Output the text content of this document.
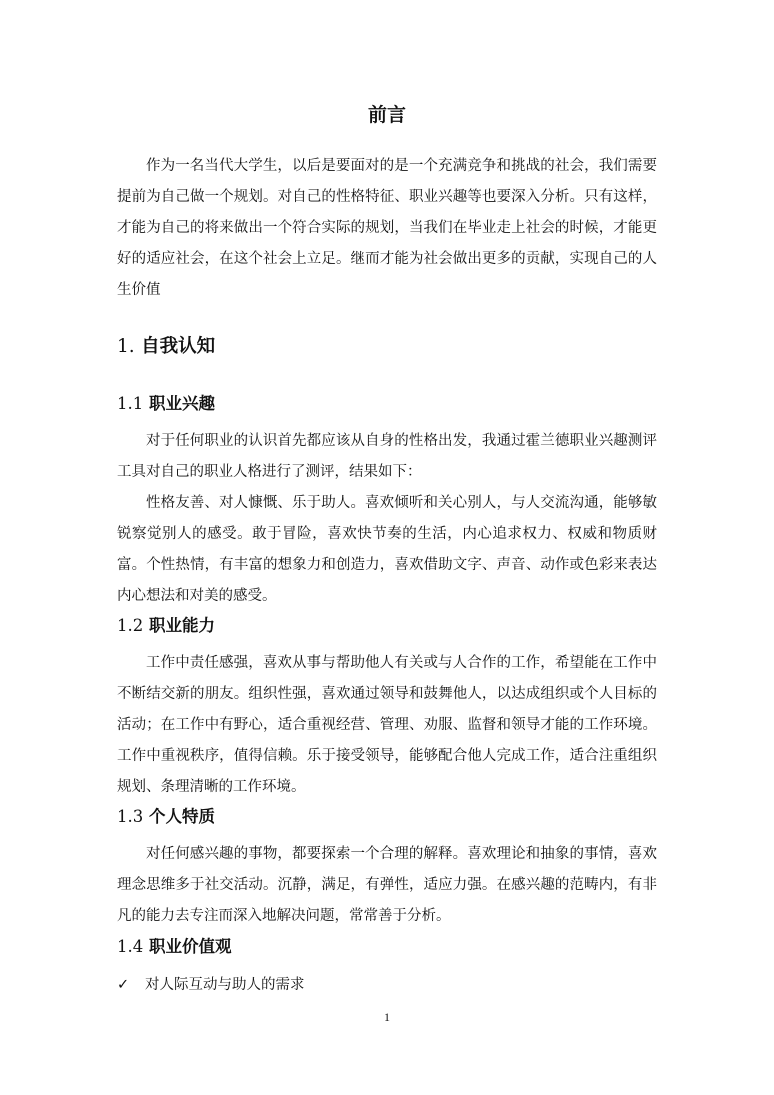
前言

作为一名当代大学生，以后是要面对的是一个充满竞争和挑战的社会，我们需要提前为自己做一个规划。对自己的性格特征、职业兴趣等也要深入分析。只有这样，才能为自己的将来做出一个符合实际的规划，当我们在毕业走上社会的时候，才能更好的适应社会，在这个社会上立足。继而才能为社会做出更多的贡献，实现自己的人生价值

1. 自我认知
1.1 职业兴趣

对于任何职业的认识首先都应该从自身的性格出发，我通过霍兰德职业兴趣测评工具对自己的职业人格进行了测评，结果如下：

性格友善、对人慷慨、乐于助人。喜欢倾听和关心别人，与人交流沟通，能够敏锐察觉别人的感受。敢于冒险，喜欢快节奏的生活，内心追求权力、权威和物质财富。个性热情，有丰富的想象力和创造力，喜欢借助文字、声音、动作或色彩来表达内心想法和对美的感受。

1.2 职业能力

工作中责任感强，喜欢从事与帮助他人有关或与人合作的工作，希望能在工作中不断结交新的朋友。组织性强，喜欢通过领导和鼓舞他人，以达成组织或个人目标的活动；在工作中有野心，适合重视经营、管理、劝服、监督和领导才能的工作环境。工作中重视秩序，值得信赖。乐于接受领导，能够配合他人完成工作，适合注重组织规划、条理清晰的工作环境。

1.3 个人特质

对任何感兴趣的事物，都要探索一个合理的解释。喜欢理论和抽象的事情，喜欢理念思维多于社交活动。沉静，满足，有弹性，适应力强。在感兴趣的范畴内，有非凡的能力去专注而深入地解决问题，常常善于分析。

1.4 职业价值观
✓ 对人际互动与助人的需求
1
